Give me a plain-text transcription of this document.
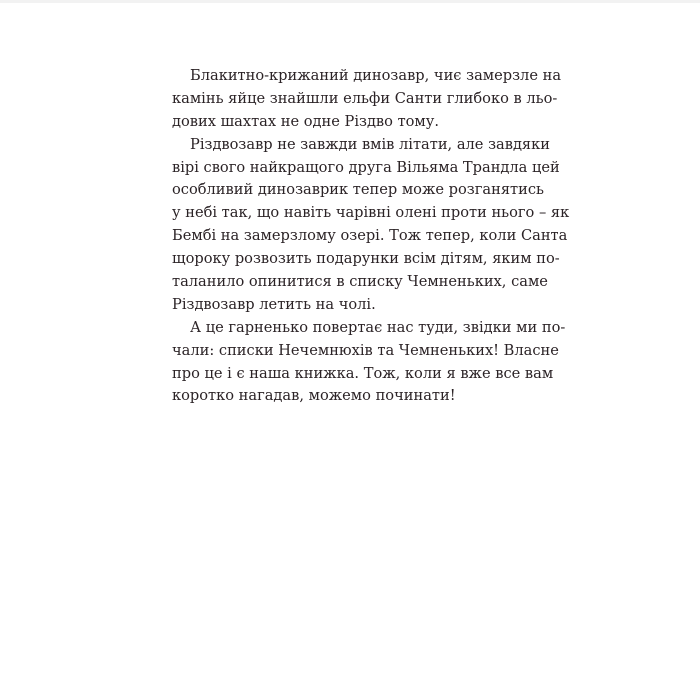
Блакитно-крижаний динозавр, чиє замерзле на
камінь яйце знайшли ельфи Санти глибоко в льо-
дових шахтах не одне Різдво тому.
Різдвозавр не завжди вмів літати, але завдяки
вірі свого найкращого друга Вільяма Трандла цей
особливий динозаврик тепер може розганятись
у небі так, що навіть чарівні олені проти нього – як
Бембі на замерзлому озері. Тож тепер, коли Санта
щороку розвозить подарунки всім дітям, яким по-
таланило опинитися в списку Чемненьких, саме
Різдвозавр летить на чолі.
А це гарненько повертає нас туди, звідки ми по-
чали: списки Нечемнюхів та Чемненьких! Власне
про це і є наша книжка. Тож, коли я вже все вам
коротко нагадав, можемо починати!
